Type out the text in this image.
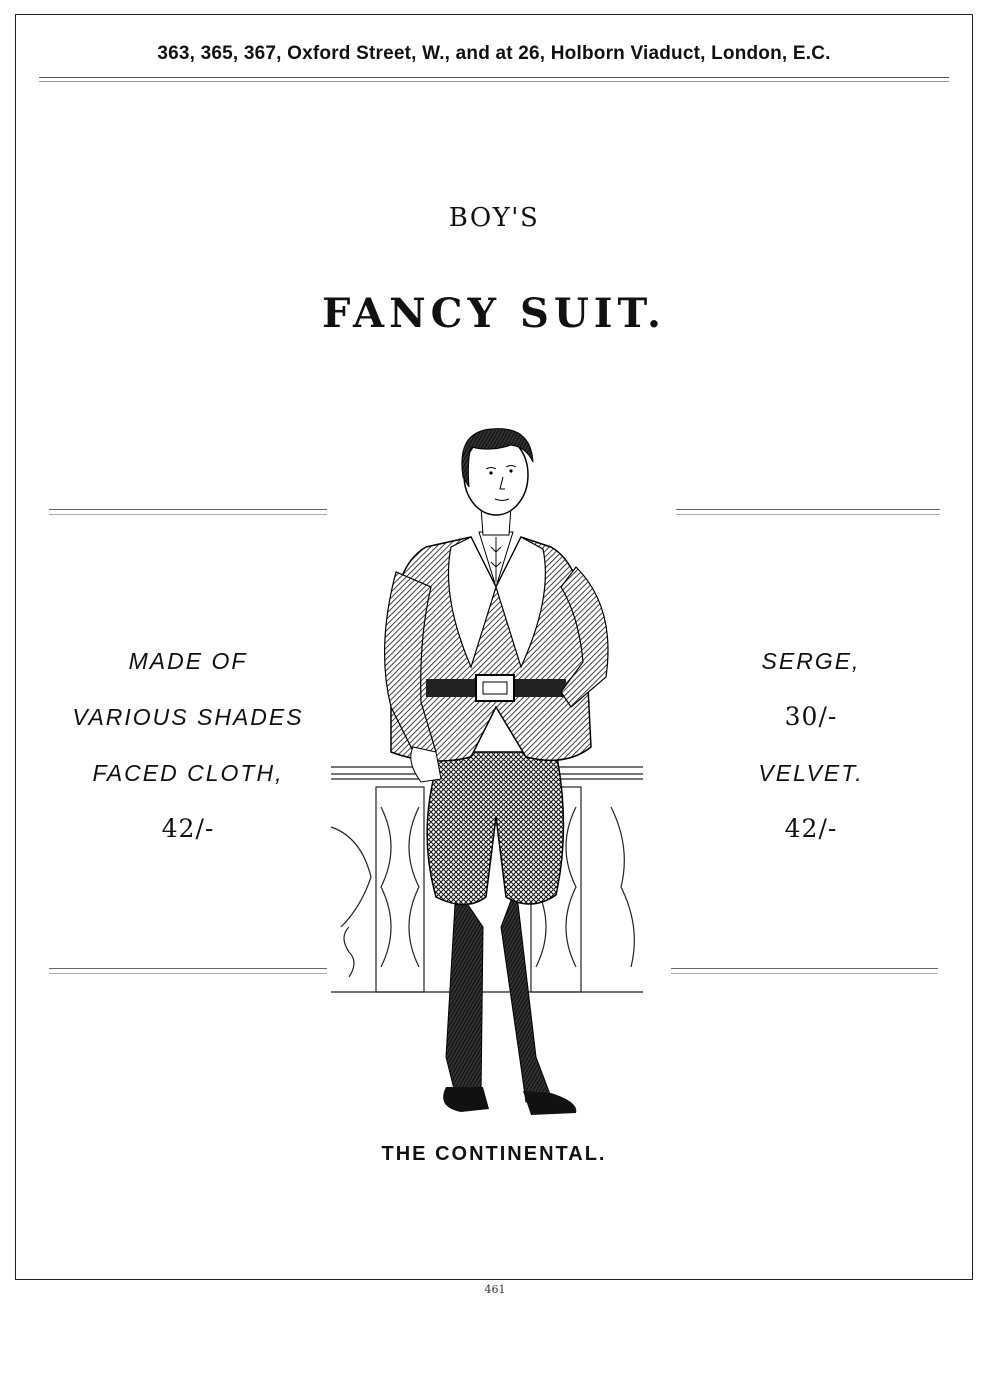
363, 365, 367, Oxford Street, W., and at 26, Holborn Viaduct, London, E.C.
BOY'S
FANCY SUIT.
MADE OF
VARIOUS SHADES
FACED CLOTH,
42/-
SERGE,
30/-
VELVET.
42/-
THE CONTINENTAL.
461
